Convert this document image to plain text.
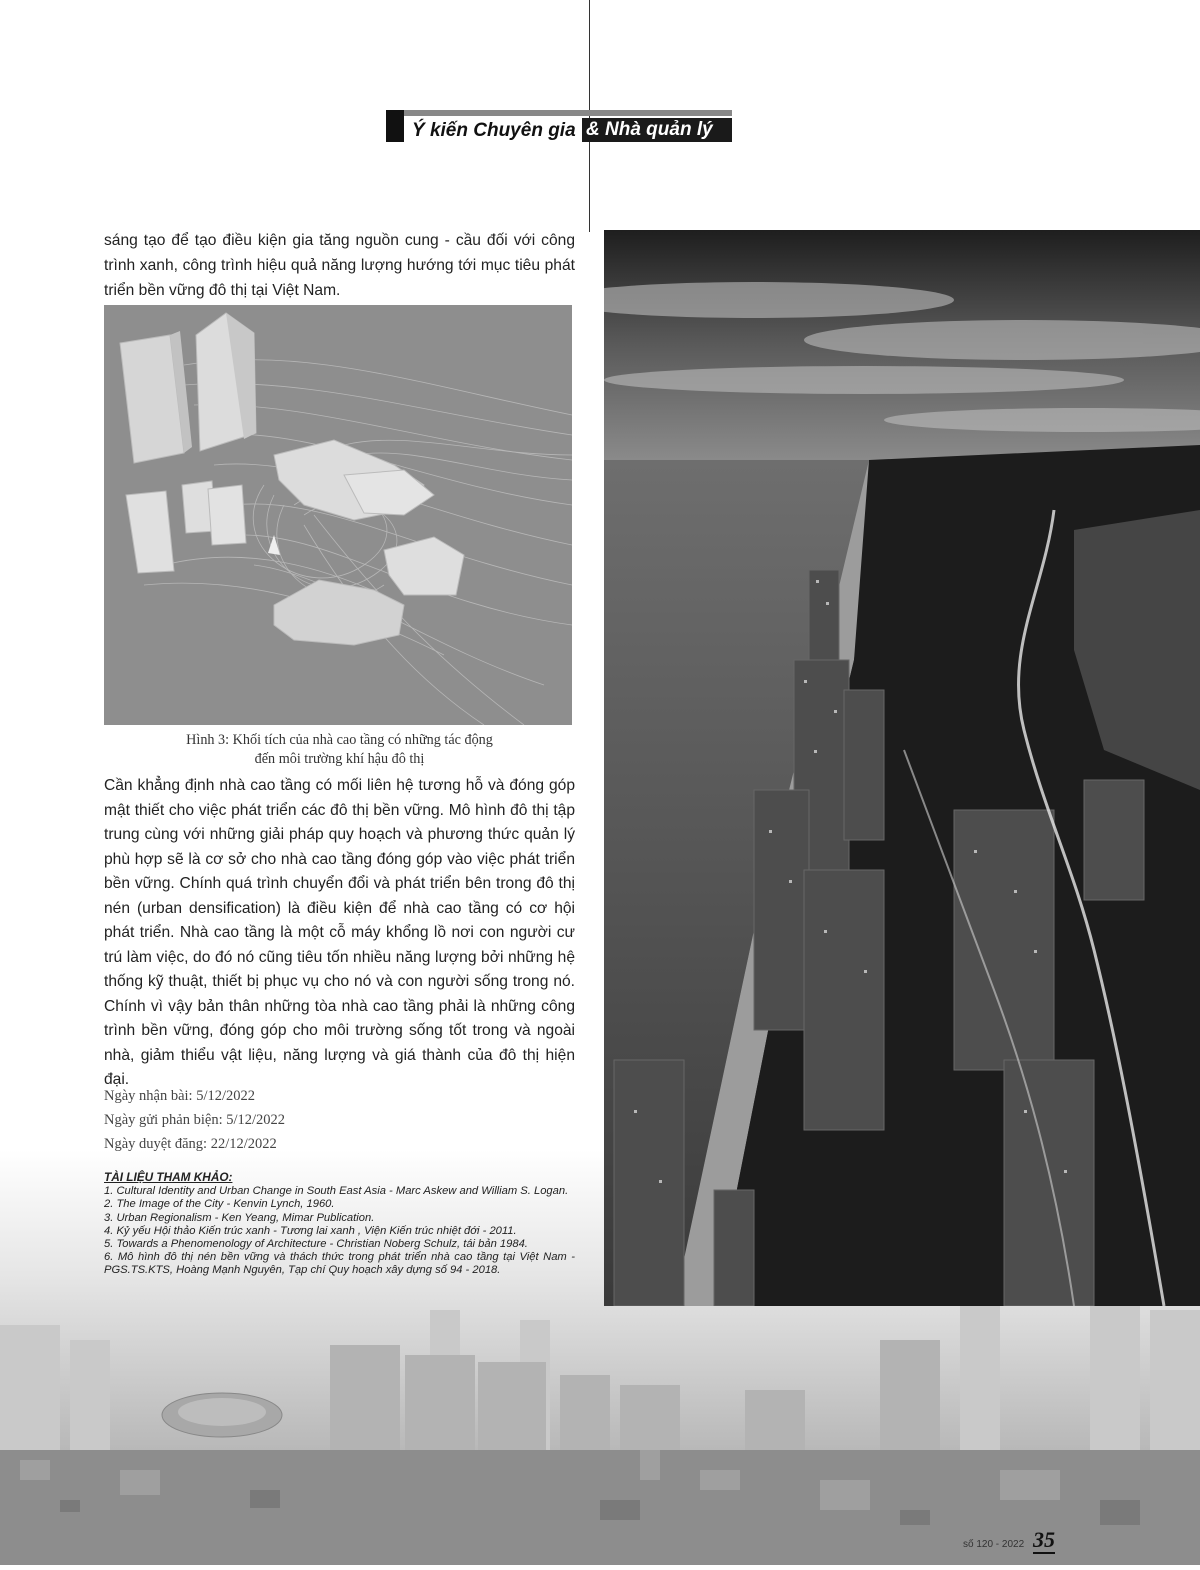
Ý kiến Chuyên gia & Nhà quản lý

sáng tạo để tạo điều kiện gia tăng nguồn cung - cầu đối với công trình xanh, công trình hiệu quả năng lượng hướng tới mục tiêu phát triển bền vững đô thị tại Việt Nam.

Hình 3: Khối tích của nhà cao tầng có những tác động
đến môi trường khí hậu đô thị

Cần khẳng định nhà cao tầng có mối liên hệ tương hỗ và đóng góp mật thiết cho việc phát triển các đô thị bền vững. Mô hình đô thị tập trung cùng với những giải pháp quy hoạch và phương thức quản lý phù hợp sẽ là cơ sở cho nhà cao tầng đóng góp vào việc phát triển bền vững. Chính quá trình chuyển đổi và phát triển bên trong đô thị nén (urban densification) là điều kiện để nhà cao tầng có cơ hội phát triển. Nhà cao tầng là một cỗ máy khổng lồ nơi con người cư trú làm việc, do đó nó cũng tiêu tốn nhiều năng lượng bởi những hệ thống kỹ thuật, thiết bị phục vụ cho nó và con người sống trong nó. Chính vì vậy bản thân những tòa nhà cao tầng phải là những công trình bền vững, đóng góp cho môi trường sống tốt trong và ngoài nhà, giảm thiểu vật liệu, năng lượng và giá thành của đô thị hiện đại.

Ngày nhận bài: 5/12/2022
Ngày gửi phản biện: 5/12/2022
Ngày duyệt đăng: 22/12/2022
TÀI LIỆU THAM KHẢO:
1. Cultural Identity and Urban Change in South East Asia - Marc Askew and William S. Logan.
2. The Image of the City - Kenvin Lynch, 1960.
3. Urban Regionalism - Ken Yeang, Mimar Publication.
4. Kỷ yếu Hội thảo Kiến trúc xanh - Tương lai xanh , Viện Kiến trúc nhiệt đới - 2011.
5. Towards a Phenomenology of Architecture - Christian Noberg Schulz, tái bản 1984.
6. Mô hình đô thị nén bền vững và thách thức trong phát triển nhà cao tầng tại Việt Nam - PGS.TS.KTS, Hoàng Mạnh Nguyên, Tạp chí Quy hoạch xây dựng số 94 - 2018.
số 120 - 2022 35
